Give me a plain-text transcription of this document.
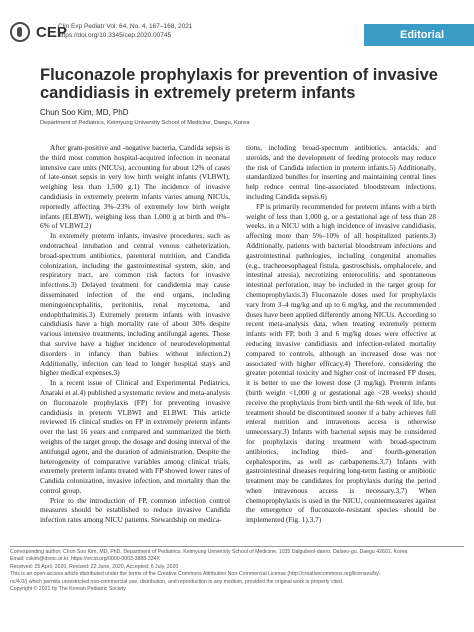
CEP
Clin Exp Pediatr Vol. 64, No. 4, 167–168, 2021
https://doi.org/10.3345/cep.2020.00745	Editorial
Fluconazole prophylaxis for prevention of invasive candidiasis in extremely preterm infants
Chun Soo Kim, MD, PhD
Department of Pediatrics, Keimyung University School of Medicine, Daegu, Korea

After gram-positive and -negative bacteria, Candida sepsis is the third most common hospital-acquired infection in neonatal intensive care units (NICUs), accounting for about 12% of cases of late-onset sepsis in very low birth weight infants (VLBWI), weighing less than 1,500 g.1) The incidence of invasive candidiasis in extremely preterm infants varies among NICUs, reportedly affecting 3%–23% of extremely low birth weight infants (ELBWI), weighing less than 1,000 g at birth and 0%–6% of VLBWI.2)

In extremely preterm infants, invasive procedures, such as endotracheal intubation and central venous catheterization, broad-spectrum antibiotics, parenteral nutrition, and Candida colonization, including the gastrointestinal system, skin, and respiratory tract, are common risk factors for invasive infections.3) Delayed treatment for candidemia may cause disseminated infection of the end organs, including meningoencephalitis, peritonitis, renal mycetoma, and endophthalmitis.3) Extremely preterm infants with invasive candidiasis have a high mortality rate of about 30% despite various intensive treatments, including antifungal agents. Those that survive have a higher incidence of neurodevelopmental disorders in infancy than babies without infection.2) Additionally, infection can lead to longer hospital stays and higher medical expenses.3)

In a recent issue of Clinical and Experimental Pediatrics, Anaraki et al.4) published a systematic review and meta-analysis on fluconazole prophylaxis (FP) for preventing invasive candidiasis in preterm VLBWI and ELBWI. This article reviewed 16 clinical studies on FP in extremely preterm infants over the last 16 years and compared and summarized the birth weights of the target group, the dosage and dosing interval of the antifungal agent, and the duration of administration. Despite the heterogeneity of comparative variables among clinical trials, extremely preterm infants treated with FP showed lower rates of Candida colonization, invasive infection, and mortality than the control group.

Prior to the introduction of FP, common infection control measures should be established to reduce invasive Candida infection rates among NICU patients. Stewardship on medica-

tions, including broad-spectrum antibiotics, antacids, and steroids, and the development of feeding protocols may reduce the risk of Candida infection in preterm infants.5) Additionally, standardized bundles for inserting and maintaining central lines help reduce central line-associated bloodstream infections, including Candida sepsis.6)

FP is primarily recommended for preterm infants with a birth weight of less than 1,000 g, or a gestational age of less than 28 weeks, in a NICU with a high incidence of invasive candidiasis, affecting more than 5%–10% of all hospitalized patients.3) Additionally, patients with bacterial bloodstream infections and gastrointestinal pathologies, including congenital anomalies (e.g., tracheoesophageal fistula, gastroschisis, omphalocele, and intestinal atresia), necrotizing enterocolitis, and spontaneous intestinal perforation, may be included in the target group for chemoprophylaxis.3) Fluconazole doses used for prophylaxis vary from 3–4 mg/kg and up to 6 mg/kg, and the recommended doses have been applied differently among NICUs. According to recent meta-analysis data, when treating extremely preterm infants with FP, both 3 and 6 mg/kg doses were effective at reducing invasive candidiasis and infection-related mortality compared to controls, although an increased dose was not associated with higher efficacy.4) Therefore, considering the greater potential toxicity and higher cost of increased FP doses, it is better to use the lowest dose (3 mg/kg). Preterm infants (birth weight <1,000 g or gestational age <28 weeks) should receive the prophylaxis from birth until the 6th week of life, but treatment should be discontinued sooner if a baby achieves full enteral nutrition and intravenous access is otherwise unnecessary.3) Infants with bacterial sepsis may be considered for prophylaxis during treatment with broad-spectrum antibiotics, including third- and fourth-generation cephalosporins, as well as carbapenems.3,7) Infants with gastrointestinal diseases requiring long-term fasting or antibiotic treatment may be candidates for prophylaxis during the period when intravenous access is necessary.3,7) When chemoprophylaxis is used in the NICU, countermeasures against the emergence of fluconazole-resistant species should be implemented (Fig. 1).3,7)

Corresponding author: Chun Soo Kim, MD, PhD. Department of Pediatrics, Keimyung University School of Medicine, 1035 Dalgubeol-daero, Dalseo-gu, Daegu 42601, Korea
Email: cskim@dsmc.or.kr, https://orcid.org/0000-0003-3888-334X
Received: 25 April, 2020, Revised: 22 June, 2020, Accepted: 6 July, 2020
This is an open-access article distributed under the terms of the Creative Commons Attribution Non-Commercial License (http://creativecommons.org/licenses/by-
nc/4.0/) which permits unrestricted non-commercial use, distribution, and reproduction in any medium, provided the original work is properly cited.
Copyright © 2021 by The Korean Pediatric Society
